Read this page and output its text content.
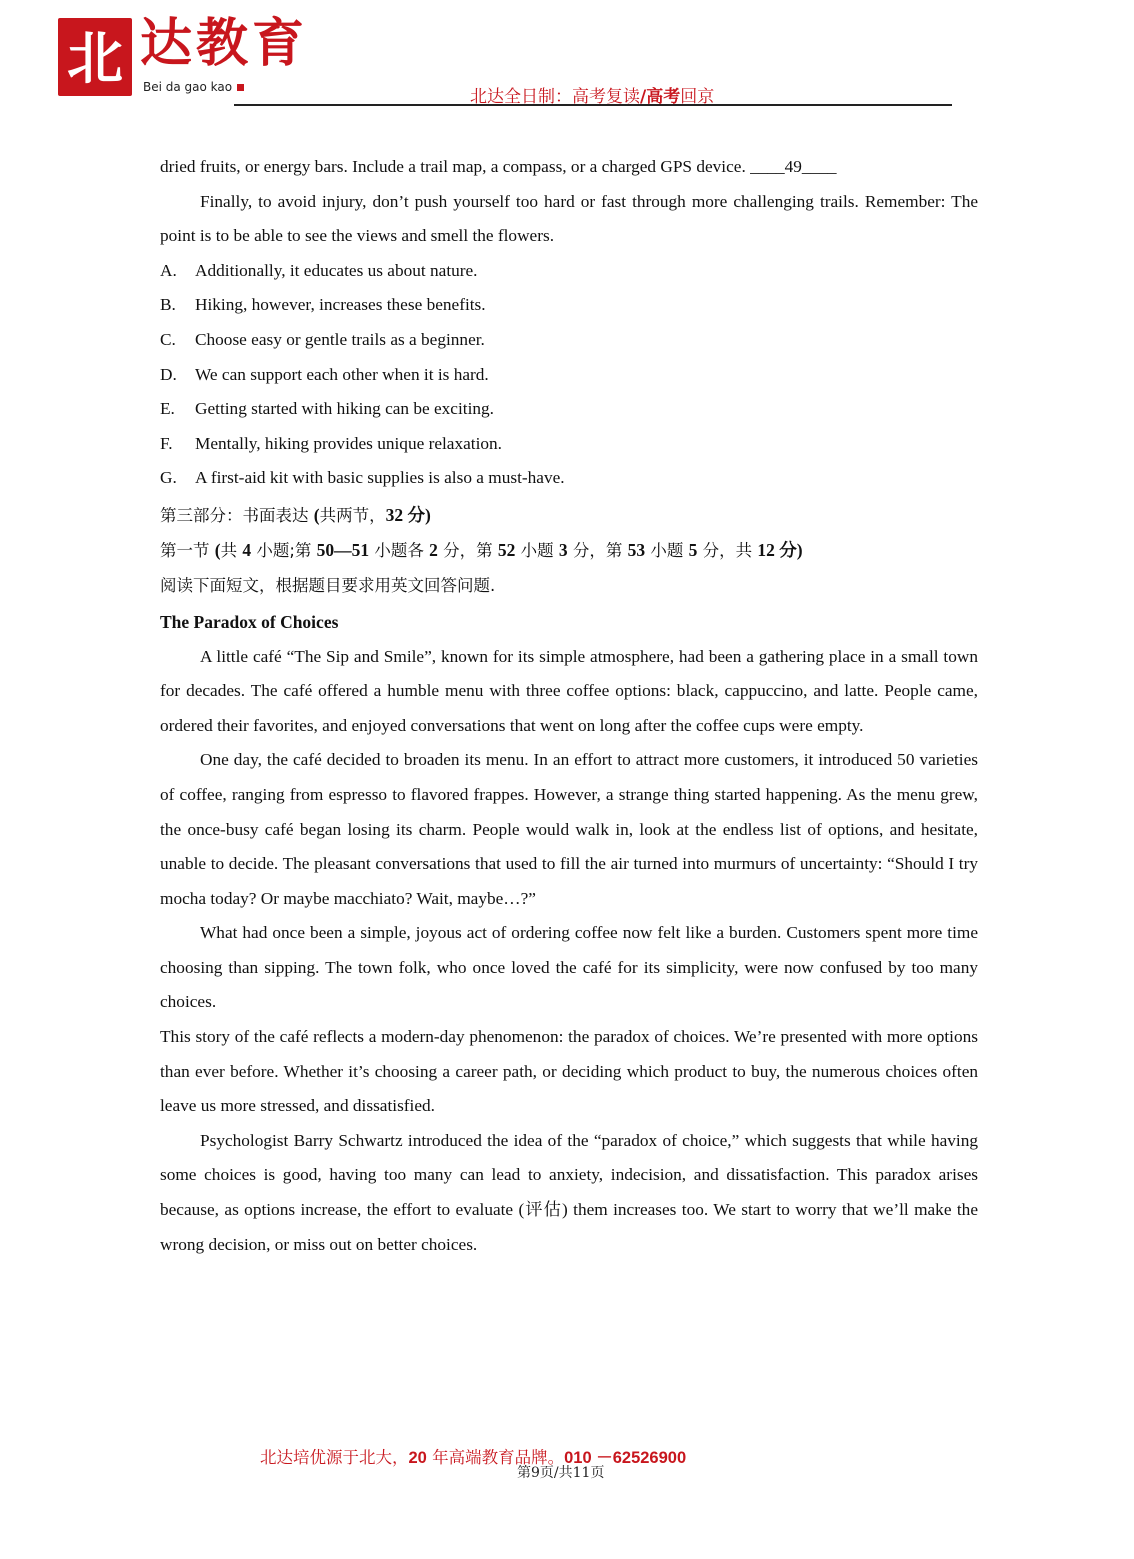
北 达教育
Bei da gao kao	北达全日制：高考复读/高考回京

dried fruits, or energy bars. Include a trail map, a compass, or a charged GPS device. ____49____

Finally, to avoid injury, don’t push yourself too hard or fast through more challenging trails. Remember: The point is to be able to see the views and smell the flowers.

A.	Additionally, it educates us about nature.
B.	Hiking, however, increases these benefits.
C.	Choose easy or gentle trails as a beginner.
D.	We can support each other when it is hard.
E.	Getting started with hiking can be exciting.
F.	Mentally, hiking provides unique relaxation.
G.	A first-aid kit with basic supplies is also a must-have.
第三部分：书面表达 (共两节，32 分)
第一节 (共 4 小题;第 50—51 小题各 2 分，第 52 小题 3 分，第 53 小题 5 分，共 12 分)
阅读下面短文，根据题目要求用英文回答问题.

The Paradox of Choices

A little café “The Sip and Smile”, known for its simple atmosphere, had been a gathering place in a small town for decades. The café offered a humble menu with three coffee options: black, cappuccino, and latte. People came, ordered their favorites, and enjoyed conversations that went on long after the coffee cups were empty.

One day, the café decided to broaden its menu. In an effort to attract more customers, it introduced 50 varieties of coffee, ranging from espresso to flavored frappes. However, a strange thing started happening. As the menu grew, the once-busy café began losing its charm. People would walk in, look at the endless list of options, and hesitate, unable to decide. The pleasant conversations that used to fill the air turned into murmurs of uncertainty: “Should I try mocha today? Or maybe macchiato? Wait, maybe…?”

What had once been a simple, joyous act of ordering coffee now felt like a burden. Customers spent more time choosing than sipping. The town folk, who once loved the café for its simplicity, were now confused by too many choices.

This story of the café reflects a modern-day phenomenon: the paradox of choices. We’re presented with more options than ever before. Whether it’s choosing a career path, or deciding which product to buy, the numerous choices often leave us more stressed, and dissatisfied.

Psychologist Barry Schwartz introduced the idea of the “paradox of choice,” which suggests that while having some choices is good, having too many can lead to anxiety, indecision, and dissatisfaction. This paradox arises because, as options increase, the effort to evaluate (评估) them increases too. We start to worry that we’ll make the wrong decision, or miss out on better choices.

北达培优源于北大，20 年高端教育品牌。010 －62526900
第9页/共11页
